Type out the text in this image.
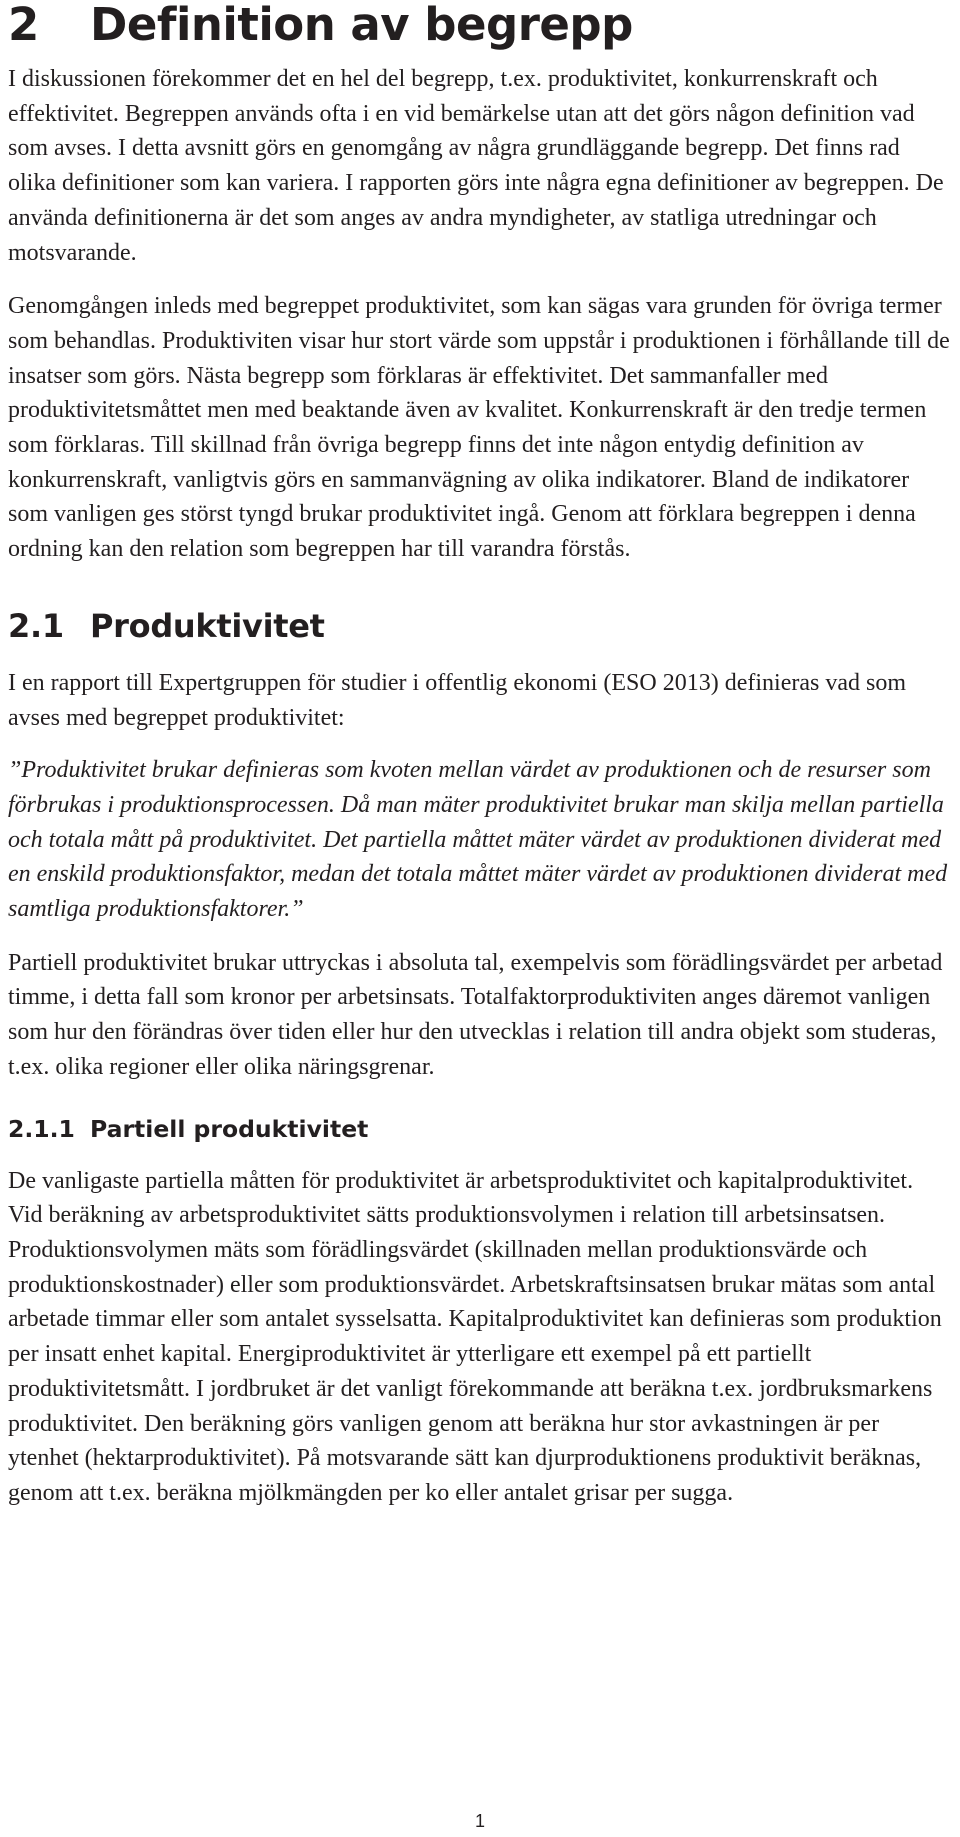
2 Definition av begrepp

I diskussionen förekommer det en hel del begrepp, t.ex. produktivitet, konkurrenskraft och effektivitet. Begreppen används ofta i en vid bemärkelse utan att det görs någon definition vad som avses. I detta avsnitt görs en genomgång av några grundläggande begrepp. Det finns rad olika definitioner som kan variera. I rapporten görs inte några egna definitioner av begreppen. De använda definitionerna är det som anges av andra myndigheter, av statliga utredningar och motsvarande.

Genomgången inleds med begreppet produktivitet, som kan sägas vara grunden för övriga termer som behandlas. Produktiviten visar hur stort värde som uppstår i produktionen i förhållande till de insatser som görs. Nästa begrepp som förklaras är effektivitet. Det sammanfaller med produktivitetsmåttet men med beaktande även av kvalitet. Konkurrenskraft är den tredje termen som förklaras. Till skillnad från övriga begrepp finns det inte någon entydig definition av konkurrenskraft, vanligtvis görs en sammanvägning av olika indikatorer. Bland de indikatorer som vanligen ges störst tyngd brukar produktivitet ingå. Genom att förklara begreppen i denna ordning kan den relation som begreppen har till varandra förstås.

2.1 Produktivitet

I en rapport till Expertgruppen för studier i offentlig ekonomi (ESO 2013) definieras vad som avses med begreppet produktivitet:

”Produktivitet brukar definieras som kvoten mellan värdet av produktionen och de resurser som förbrukas i produktionsprocessen. Då man mäter produktivitet brukar man skilja mellan partiella och totala mått på produktivitet. Det partiella måttet mäter värdet av produktionen dividerat med en enskild produktionsfaktor, medan det totala måttet mäter värdet av produktionen dividerat med samtliga produktionsfaktorer.”

Partiell produktivitet brukar uttryckas i absoluta tal, exempelvis som förädlingsvärdet per arbetad timme, i detta fall som kronor per arbetsinsats. Totalfaktorproduktiviten anges däremot vanligen som hur den förändras över tiden eller hur den utvecklas i relation till andra objekt som studeras, t.ex. olika regioner eller olika näringsgrenar.

2.1.1 Partiell produktivitet

De vanligaste partiella måtten för produktivitet är arbetsproduktivitet och kapitalproduktivitet. Vid beräkning av arbetsproduktivitet sätts produktionsvolymen i relation till arbetsinsatsen. Produktionsvolymen mäts som förädlingsvärdet (skillnaden mellan produktionsvärde och produktionskostnader) eller som produktionsvärdet. Arbetskraftsinsatsen brukar mätas som antal arbetade timmar eller som antalet sysselsatta. Kapitalproduktivitet kan definieras som produktion per insatt enhet kapital. Energiproduktivitet är ytterligare ett exempel på ett partiellt produktivitetsmått. I jordbruket är det vanligt förekommande att beräkna t.ex. jordbruksmarkens produktivitet. Den beräkning görs vanligen genom att beräkna hur stor avkastningen är per ytenhet (hektarproduktivitet). På motsvarande sätt kan djurproduktionens produktivit beräknas, genom att t.ex. beräkna mjölkmängden per ko eller antalet grisar per sugga.

1
